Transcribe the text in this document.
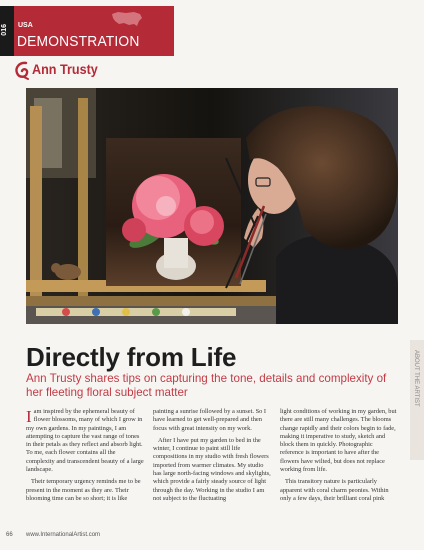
016	USA
DEMONSTRATION
Ann Trusty
ABOUT THE ARTIST
Directly from Life

Ann Trusty shares tips on capturing the tone, details and complexity of her fleeting floral subject matter

Iam inspired by the ephemeral beauty of flower blossoms, many of which I grow in my own gardens. In my paintings, I am attempting to capture the vast range of tones in their petals as they reflect and absorb light. To me, each flower contains all the complexity and transcendent beauty of a large landscape.

Their temporary urgency reminds me to be present in the moment as they are. Their blooming time can be so short; it is like

painting a sunrise followed by a sunset. So I have learned to get well-prepared and then focus with great intensity on my work.

After I have put my garden to bed in the winter, I continue to paint still life compositions in my studio with fresh flowers imported from warmer climates. My studio has large north-facing windows and skylights, which provide a fairly steady source of light through the day. Working in the studio I am not subject to the fluctuating

light conditions of working in my garden, but there are still many challenges. The blooms change rapidly and their colors begin to fade, making it imperative to study, sketch and block them in quickly. Photographic reference is important to have after the flowers have wilted, but does not replace working from life.

This transitory nature is particularly apparent with coral charm peonies. Within only a few days, their brilliant coral pink

66 www.InternationalArtist.com
